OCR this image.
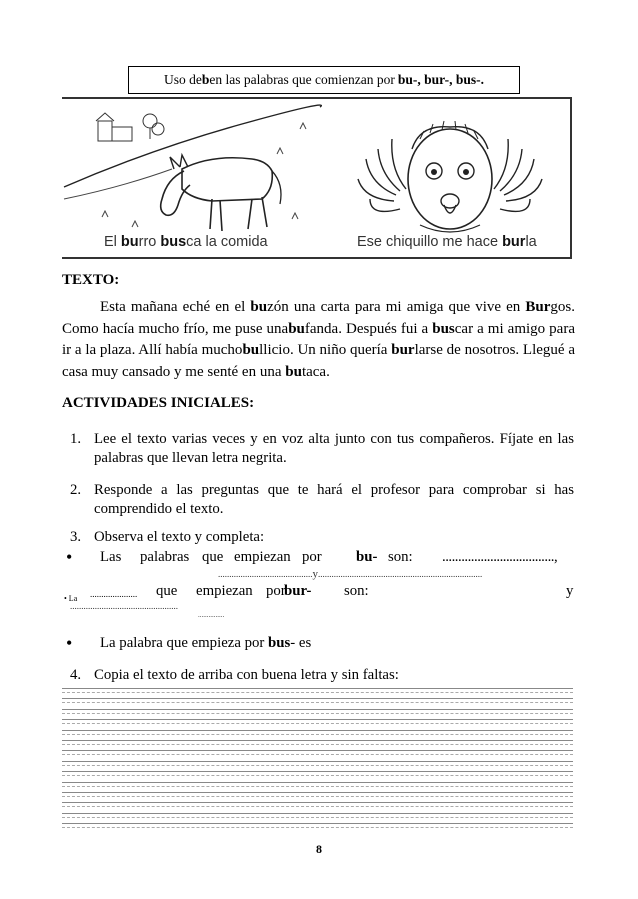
Uso de b en las palabras que comienzan por bu-, bur-, bus-.
El burro busca la comida	Ese chiquillo me hace burla
TEXTO:
Esta mañana eché en el buzón una carta para mi amiga que vive en Burgos. Como hacía mucho frío, me puse unabufanda. Después fui a buscar a mi amigo para ir a la plaza. Allí había muchobullicio. Un niño quería burlarse de nosotros. Llegué a casa muy cansado y me senté en una butaca.
ACTIVIDADES INICIALES:
1. Lee el texto varias veces y en voz alta junto con tus compañeros. Fíjate en las palabras que llevan letra negrita.
2. Responde a las preguntas que te hará el profesor para comprobar si has comprendido el texto.
3. Observa el texto y completa:
• Las palabras que empiezan por bu- son: ...................................,
..........................................y.........................................................................
• La ..................... que empiezan por
bur- son:	y
................................................
...............
• La palabra que empieza por bus- es
4. Copia el texto de arriba con buena letra y sin faltas:
8
